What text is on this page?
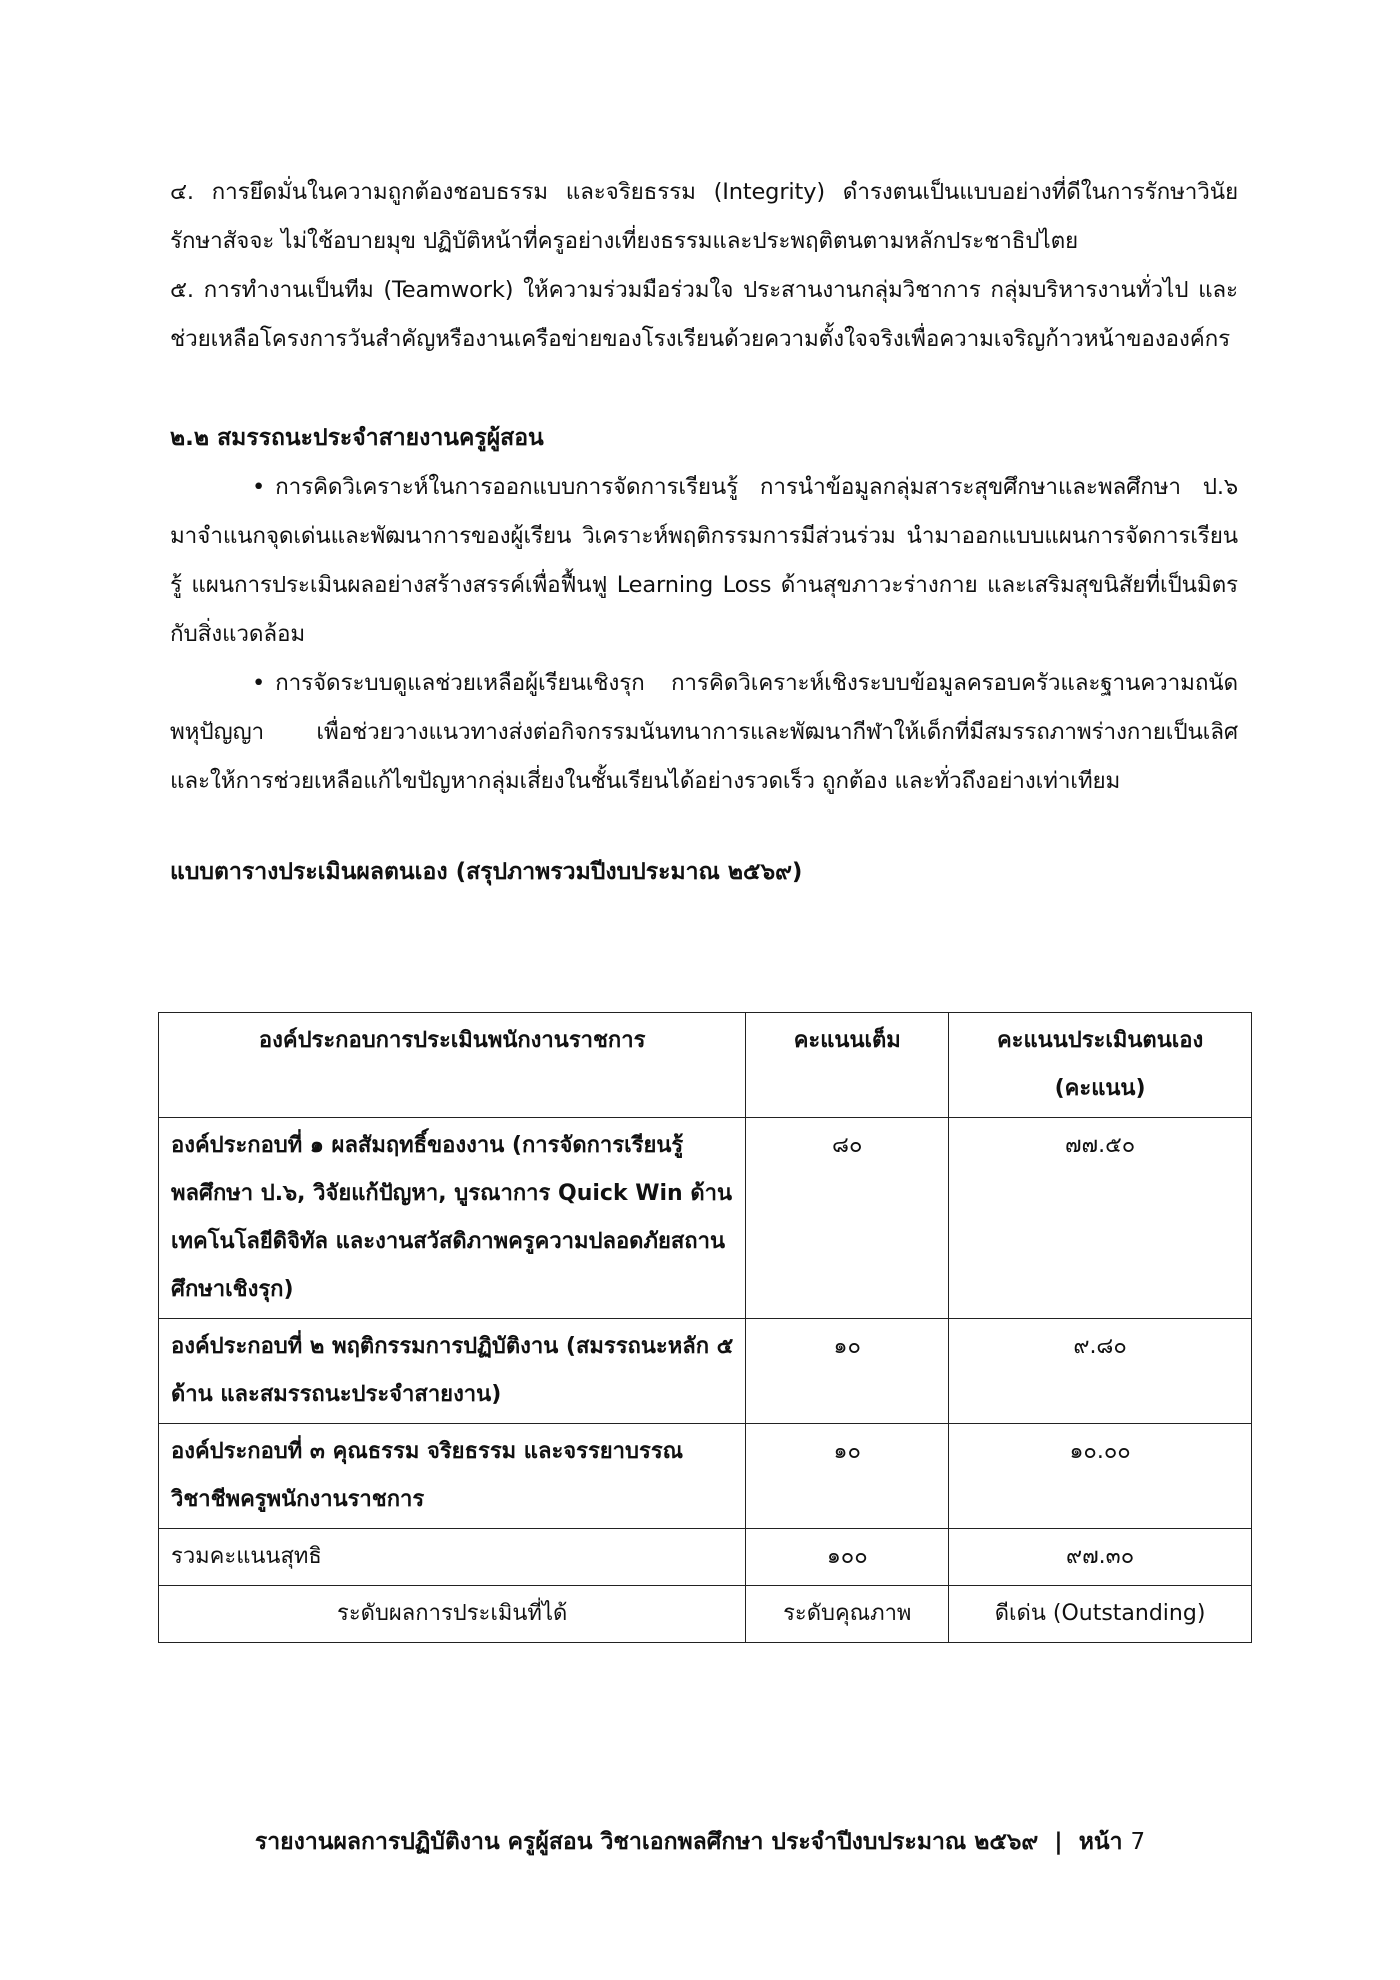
๔. การยึดมั่นในความถูกต้องชอบธรรม และจริยธรรม (Integrity) ดำรงตนเป็นแบบอย่างที่ดีในการรักษาวินัย รักษาสัจจะ ไม่ใช้อบายมุข ปฏิบัติหน้าที่ครูอย่างเที่ยงธรรมและประพฤติตนตามหลักประชาธิปไตย

๕. การทำงานเป็นทีม (Teamwork) ให้ความร่วมมือร่วมใจ ประสานงานกลุ่มวิชาการ กลุ่มบริหารงานทั่วไป และช่วยเหลือโครงการวันสำคัญหรืองานเครือข่ายของโรงเรียนด้วยความตั้งใจจริงเพื่อความเจริญก้าวหน้าขององค์กร

๒.๒ สมรรถนะประจำสายงานครูผู้สอน

• การคิดวิเคราะห์ในการออกแบบการจัดการเรียนรู้ การนำข้อมูลกลุ่มสาระสุขศึกษาและพลศึกษา ป.๖ มาจำแนกจุดเด่นและพัฒนาการของผู้เรียน วิเคราะห์พฤติกรรมการมีส่วนร่วม นำมาออกแบบแผนการจัดการเรียนรู้ แผนการประเมินผลอย่างสร้างสรรค์เพื่อฟื้นฟู Learning Loss ด้านสุขภาวะร่างกาย และเสริมสุขนิสัยที่เป็นมิตรกับสิ่งแวดล้อม

• การจัดระบบดูแลช่วยเหลือผู้เรียนเชิงรุก การคิดวิเคราะห์เชิงระบบข้อมูลครอบครัวและฐานความถนัดพหุปัญญา เพื่อช่วยวางแนวทางส่งต่อกิจกรรมนันทนาการและพัฒนากีฬาให้เด็กที่มีสมรรถภาพร่างกายเป็นเลิศ และให้การช่วยเหลือแก้ไขปัญหากลุ่มเสี่ยงในชั้นเรียนได้อย่างรวดเร็ว ถูกต้อง และทั่วถึงอย่างเท่าเทียม

แบบตารางประเมินผลตนเอง (สรุปภาพรวมปีงบประมาณ ๒๕๖๙)

องค์ประกอบการประเมินพนักงานราชการ	คะแนนเต็ม	คะแนนประเมินตนเอง (คะแนน)
องค์ประกอบที่ ๑ ผลสัมฤทธิ์ของงาน (การจัดการเรียนรู้พลศึกษา ป.๖, วิจัยแก้ปัญหา, บูรณาการ Quick Win ด้านเทคโนโลยีดิจิทัล และงานสวัสดิภาพครูความปลอดภัยสถานศึกษาเชิงรุก)	๘๐	๗๗.๕๐
องค์ประกอบที่ ๒ พฤติกรรมการปฏิบัติงาน (สมรรถนะหลัก ๕ ด้าน และสมรรถนะประจำสายงาน)	๑๐	๙.๘๐
องค์ประกอบที่ ๓ คุณธรรม จริยธรรม และจรรยาบรรณวิชาชีพครูพนักงานราชการ	๑๐	๑๐.๐๐
รวมคะแนนสุทธิ	๑๐๐	๙๗.๓๐
ระดับผลการประเมินที่ได้	ระดับคุณภาพ	ดีเด่น (Outstanding)
รายงานผลการปฏิบัติงาน ครูผู้สอน วิชาเอกพลศึกษา ประจำปีงบประมาณ ๒๕๖๙ | หน้า 7
